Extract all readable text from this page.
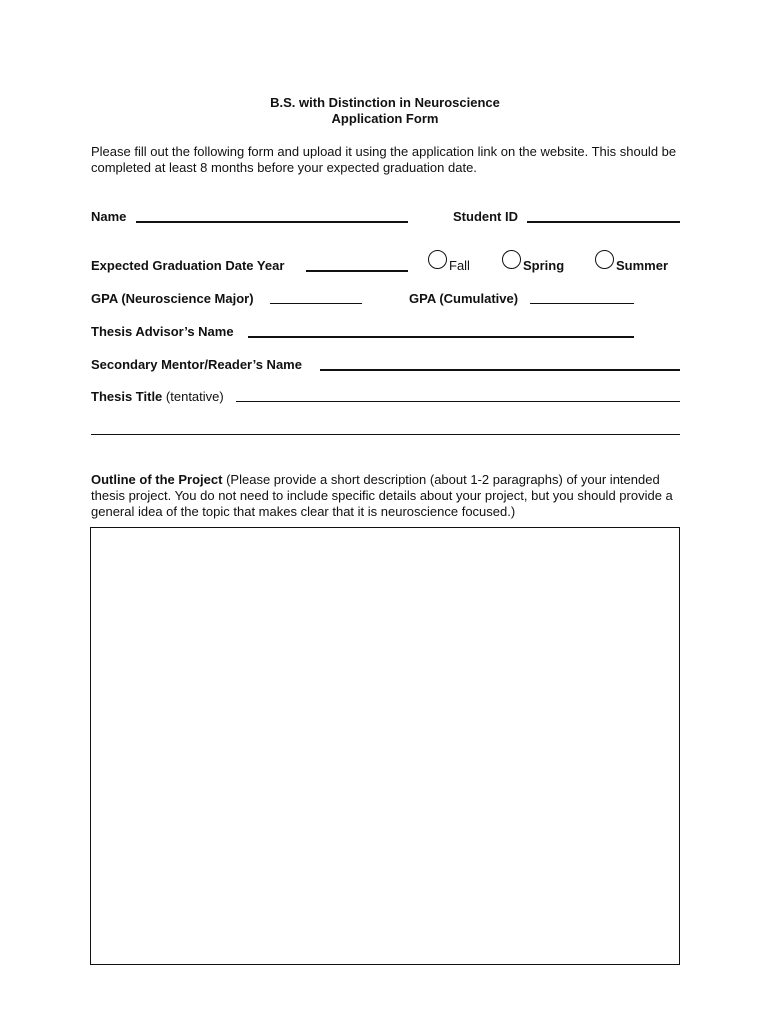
B.S. with Distinction in Neuroscience
Application Form
Please fill out the following form and upload it using the application link on the website. This should be completed at least 8 months before your expected graduation date.
Name	Student ID
Expected Graduation Date Year	Fall	Spring	Summer
GPA (Neuroscience Major)	GPA (Cumulative)
Thesis Advisor’s Name
Secondary Mentor/Reader’s Name
Thesis Title (tentative)
Outline of the Project (Please provide a short description (about 1-2 paragraphs) of your intended thesis project. You do not need to include specific details about your project, but you should provide a general idea of the topic that makes clear that it is neuroscience focused.)
